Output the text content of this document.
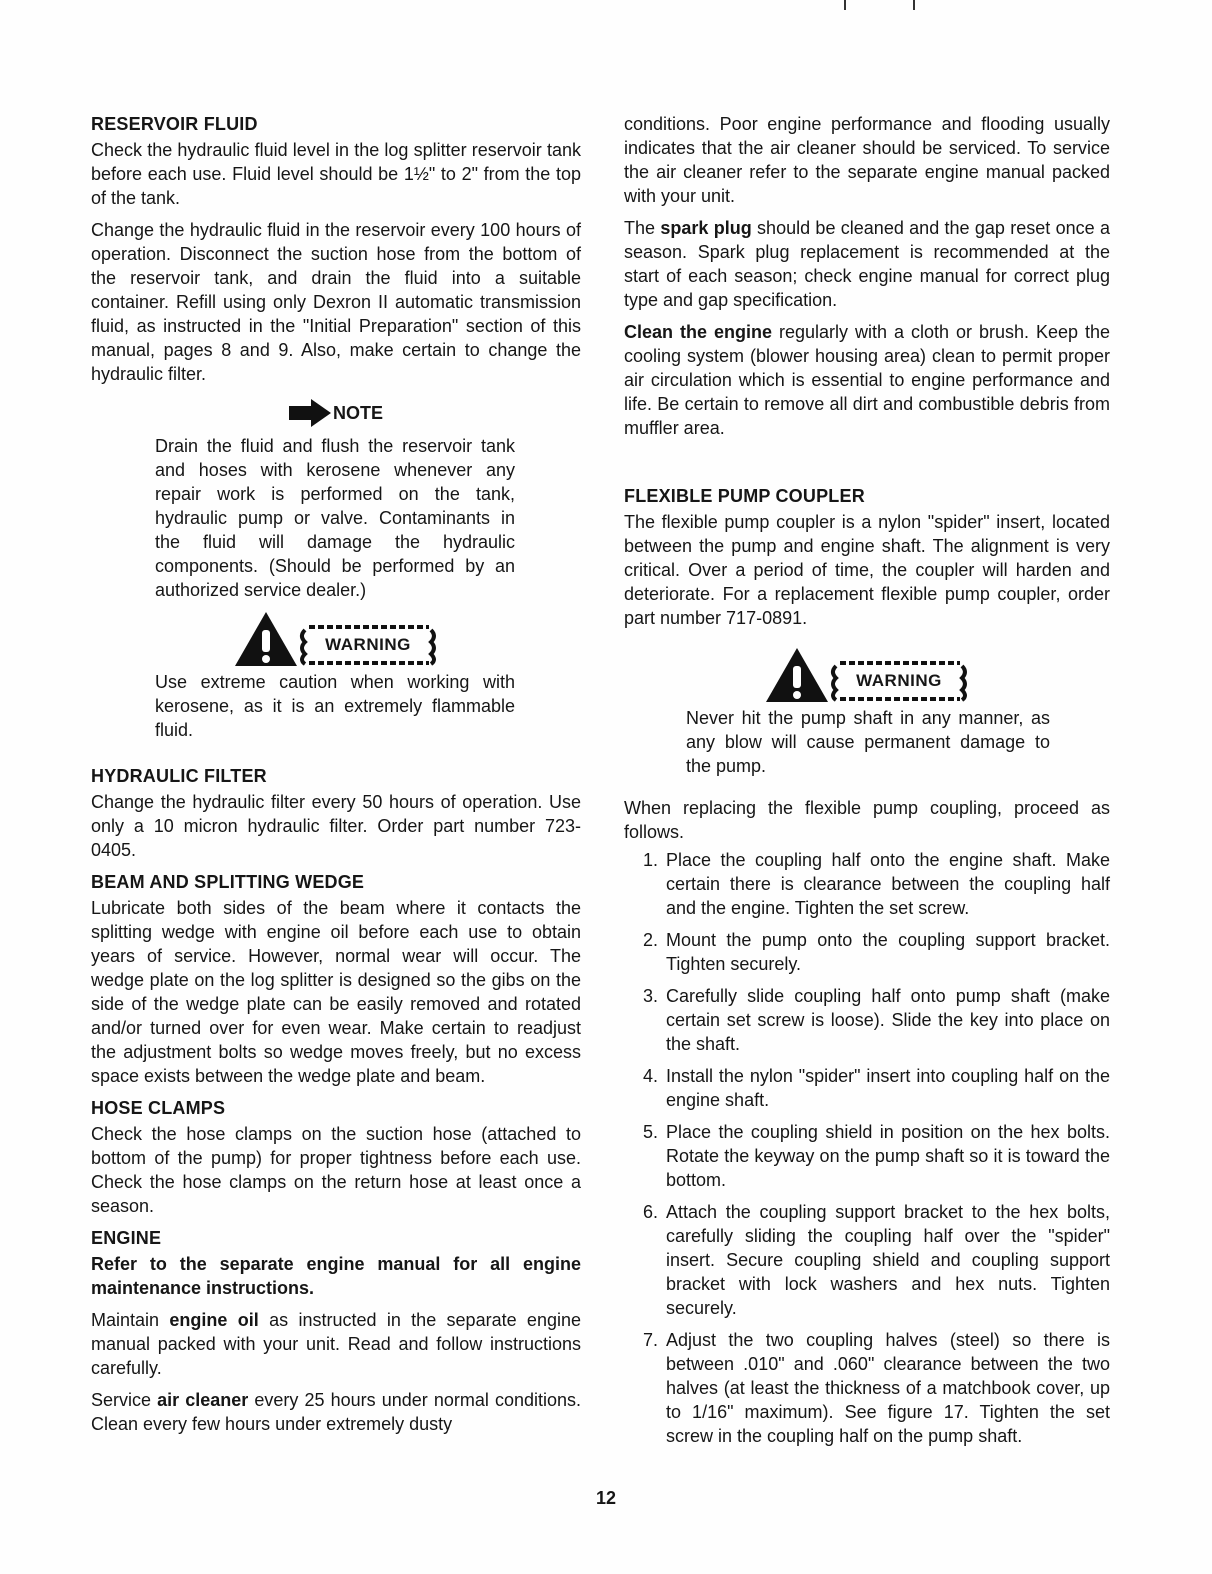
RESERVOIR FLUID

Check the hydraulic fluid level in the log splitter reservoir tank before each use. Fluid level should be 1½" to 2" from the top of the tank.

Change the hydraulic fluid in the reservoir every 100 hours of operation. Disconnect the suction hose from the bottom of the reservoir tank, and drain the fluid into a suitable container. Refill using only Dexron II automatic transmission fluid, as instructed in the "Initial Preparation" section of this manual, pages 8 and 9. Also, make certain to change the hydraulic filter.

NOTE

Drain the fluid and flush the reservoir tank and hoses with kerosene whenever any repair work is performed on the tank, hydraulic pump or valve. Contaminants in the fluid will damage the hydraulic components. (Should be performed by an authorized service dealer.)

WARNING

Use extreme caution when working with kerosene, as it is an extremely flammable fluid.

HYDRAULIC FILTER

Change the hydraulic filter every 50 hours of operation. Use only a 10 micron hydraulic filter. Order part number 723-0405.

BEAM AND SPLITTING WEDGE

Lubricate both sides of the beam where it contacts the splitting wedge with engine oil before each use to obtain years of service. However, normal wear will occur. The wedge plate on the log splitter is designed so the gibs on the side of the wedge plate can be easily removed and rotated and/or turned over for even wear. Make certain to readjust the adjustment bolts so wedge moves freely, but no excess space exists between the wedge plate and beam.

HOSE CLAMPS

Check the hose clamps on the suction hose (attached to bottom of the pump) for proper tightness before each use. Check the hose clamps on the return hose at least once a season.

ENGINE

Refer to the separate engine manual for all engine maintenance instructions.

Maintain engine oil as instructed in the separate engine manual packed with your unit. Read and follow instructions carefully.

Service air cleaner every 25 hours under normal conditions. Clean every few hours under extremely dusty

conditions. Poor engine performance and flooding usually indicates that the air cleaner should be serviced. To service the air cleaner refer to the separate engine manual packed with your unit.

The spark plug should be cleaned and the gap reset once a season. Spark plug replacement is recommended at the start of each season; check engine manual for correct plug type and gap specification.

Clean the engine regularly with a cloth or brush. Keep the cooling system (blower housing area) clean to permit proper air circulation which is essential to engine performance and life. Be certain to remove all dirt and combustible debris from muffler area.

FLEXIBLE PUMP COUPLER

The flexible pump coupler is a nylon "spider" insert, located between the pump and engine shaft. The alignment is very critical. Over a period of time, the coupler will harden and deteriorate. For a replacement flexible pump coupler, order part number 717-0891.

WARNING

Never hit the pump shaft in any manner, as any blow will cause permanent damage to the pump.

When replacing the flexible pump coupling, proceed as follows.

1. Place the coupling half onto the engine shaft. Make certain there is clearance between the coupling half and the engine. Tighten the set screw.
2. Mount the pump onto the coupling support bracket. Tighten securely.
3. Carefully slide coupling half onto pump shaft (make certain set screw is loose). Slide the key into place on the shaft.
4. Install the nylon "spider" insert into coupling half on the engine shaft.
5. Place the coupling shield in position on the hex bolts. Rotate the keyway on the pump shaft so it is toward the bottom.
6. Attach the coupling support bracket to the hex bolts, carefully sliding the coupling half over the "spider" insert. Secure coupling shield and coupling support bracket with lock washers and hex nuts. Tighten securely.
7. Adjust the two coupling halves (steel) so there is between .010" and .060" clearance between the two halves (at least the thickness of a matchbook cover, up to 1/16" maximum). See figure 17. Tighten the set screw in the coupling half on the pump shaft.
12
